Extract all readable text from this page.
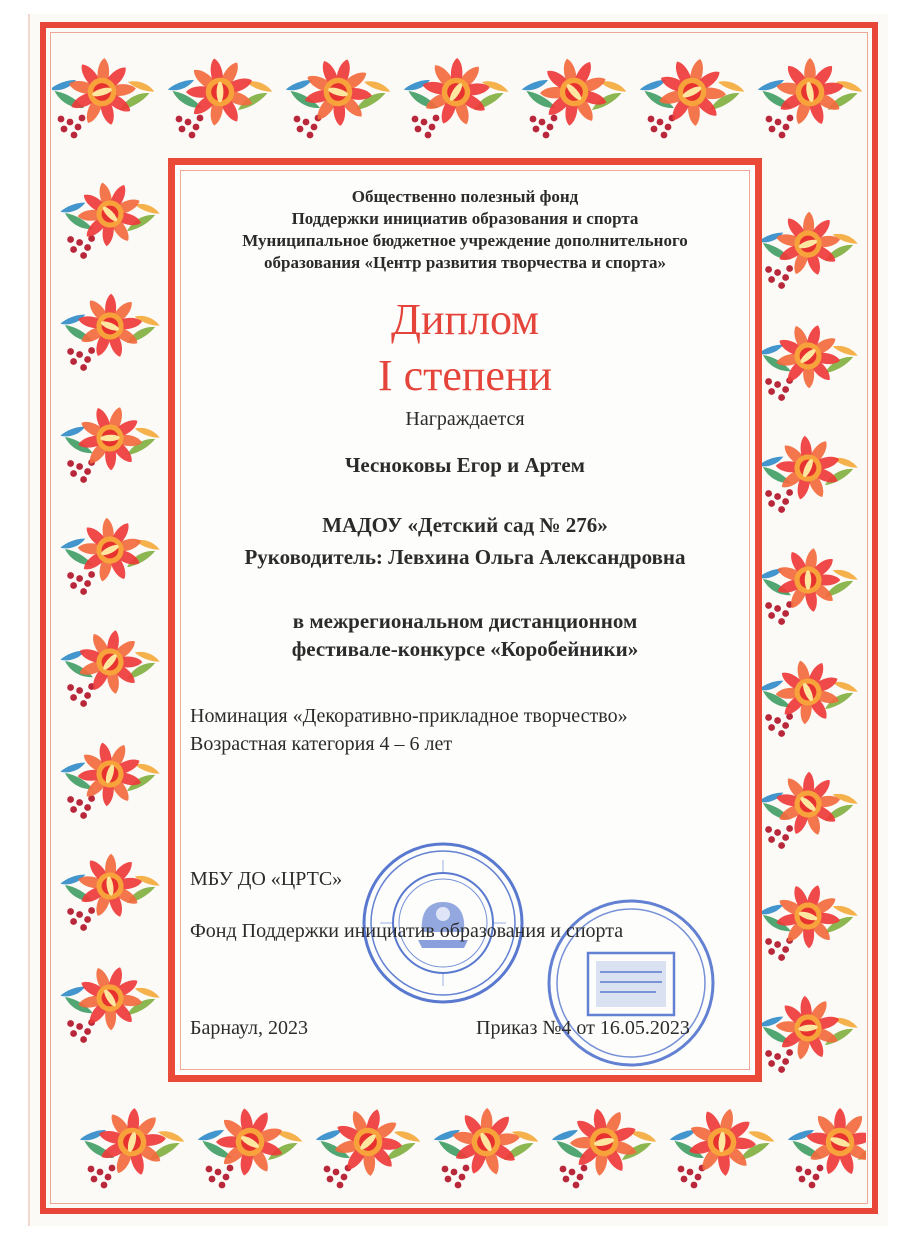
Общественно полезный фонд
Поддержки инициатив образования и спорта
Муниципальное бюджетное учреждение дополнительного
образования «Центр развития творчества и спорта»
Диплом
I степени
Награждается
Чесноковы Егор и Артем
МАДОУ «Детский сад № 276»
Руководитель: Левхина Ольга Александровна
в межрегиональном дистанционном
фестивале-конкурсе «Коробейники»
Номинация «Декоративно-прикладное творчество»
Возрастная категория 4 – 6 лет
МБУ ДО «ЦРТС»
Фонд Поддержки инициатив образования и спорта
Барнаул, 2023	Приказ №4 от 16.05.2023
